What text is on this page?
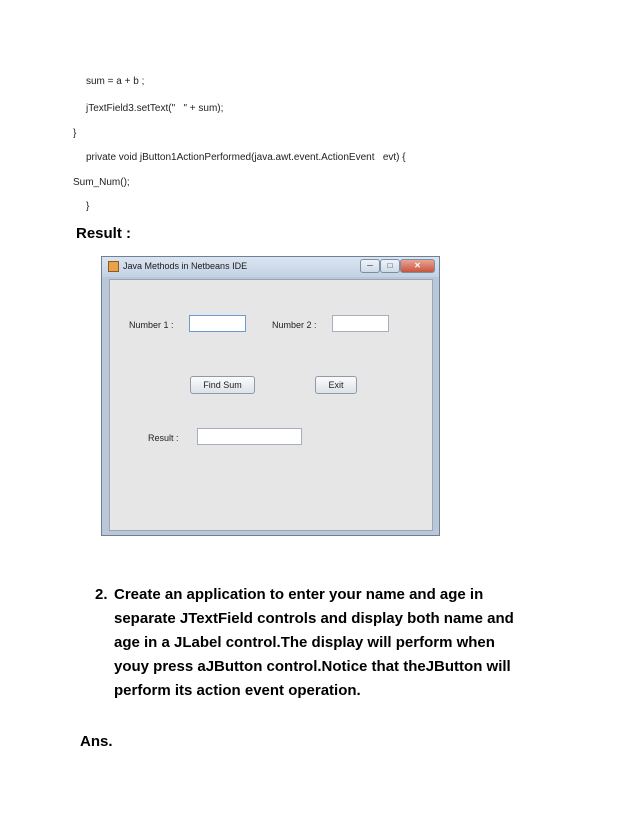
sum = a + b ;
jTextField3.setText("   " + sum);
}
private void jButton1ActionPerformed(java.awt.event.ActionEvent   evt) {
Sum_Num();
}
Result :
Java Methods in Netbeans IDE	─	□	✕
Number 1 :	Number 2 :
Find Sum	Exit
Result :
2. Create an application to enter your name and age in
separate JTextField controls and display both name and
age in a JLabel control.The display will perform when
youy press aJButton control.Notice that theJButton will
perform its action event operation.
Ans.
